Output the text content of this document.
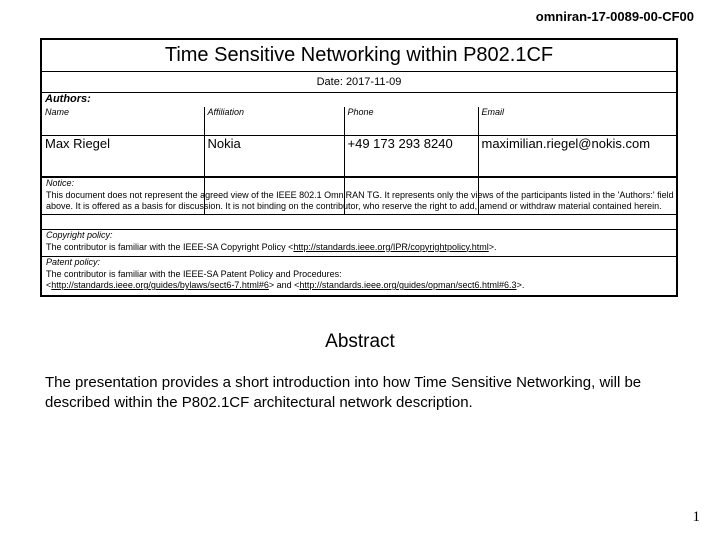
omniran-17-0089-00-CF00
Time Sensitive Networking within P802.1CF
Date: 2017-11-09
Authors:
Name	Affiliation	Phone	Email
Max Riegel	Nokia	+49 173 293 8240	maximilian.riegel@nokis.com

Notice:
This document does not represent the agreed view of the IEEE 802.1 OmniRAN TG. It represents only the views of the participants listed in the 'Authors:' field above. It is offered as a basis for discussion. It is not binding on the contributor, who reserve the right to add, amend or withdraw material contained herein.
Copyright policy:
The contributor is familiar with the IEEE-SA Copyright Policy <http://standards.ieee.org/IPR/copyrightpolicy.html>.
Patent policy:
The contributor is familiar with the IEEE-SA Patent Policy and Procedures:
<http://standards.ieee.org/guides/bylaws/sect6-7.html#6> and <http://standards.ieee.org/guides/opman/sect6.html#6.3>.
Abstract
The presentation provides a short introduction into how Time Sensitive Networking, will be described within the P802.1CF architectural network description.
1
